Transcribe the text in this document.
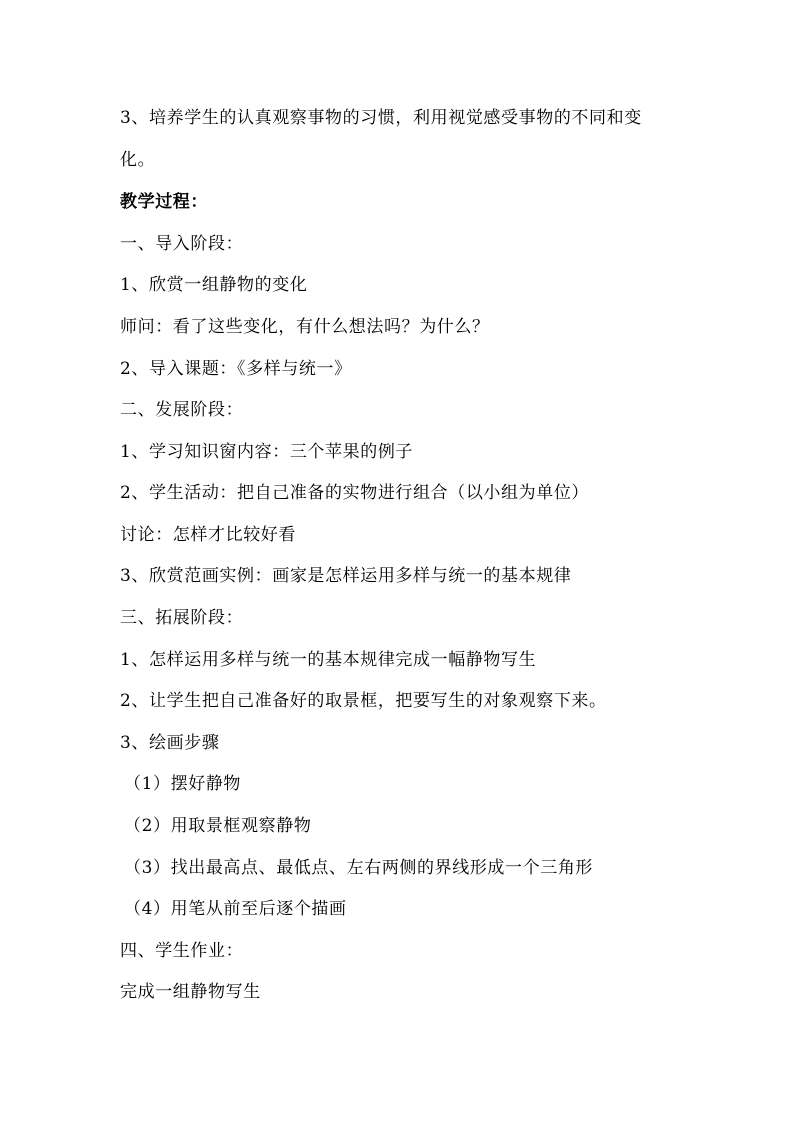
3、培养学生的认真观察事物的习惯，利用视觉感受事物的不同和变
化。
教学过程：
一、导入阶段：
1、欣赏一组静物的变化
师问：看了这些变化，有什么想法吗？为什么？
2、导入课题：《多样与统一》
二、发展阶段：
1、学习知识窗内容：三个苹果的例子
2、学生活动：把自己准备的实物进行组合（以小组为单位）
讨论：怎样才比较好看
3、欣赏范画实例：画家是怎样运用多样与统一的基本规律
三、拓展阶段：
1、怎样运用多样与统一的基本规律完成一幅静物写生
2、让学生把自己准备好的取景框，把要写生的对象观察下来。
3、绘画步骤
（1）摆好静物
（2）用取景框观察静物
（3）找出最高点、最低点、左右两侧的界线形成一个三角形
（4）用笔从前至后逐个描画
四、学生作业：
完成一组静物写生
